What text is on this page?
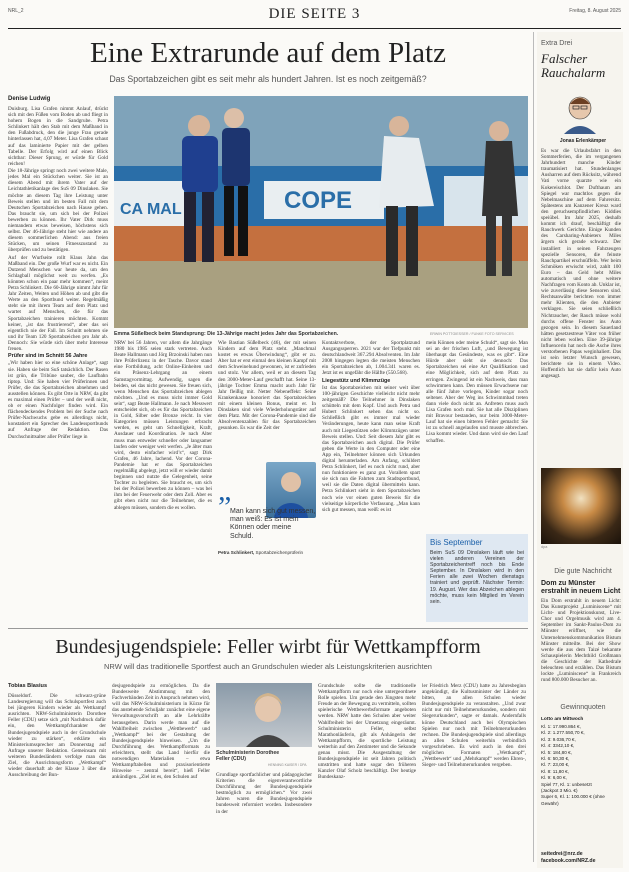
NRL_2	DIE SEITE 3	Freitag, 8. August 2025
Eine Extrarunde auf dem Platz
Das Sportabzeichen gibt es seit mehr als hundert Jahren. Ist es noch zeitgemäß?
Denise Ludwig

Duisburg. Lisa Grafen nimmt Anlauf, drückt sich mit den Füßen vom Boden ab und fliegt in hohem Bogen in die Sandgrube. Petra Schlinkert hält den Stab mit dem Maßband in den Fußabdruck, den die junge Frau gerade hinterlassen hat, 4,07 Meter. Lisa Grafen schaut auf das laminierte Papier mit der gelben Tabelle. Der Erfolg wird auf einen Blick sichtbar: Dieser Sprung, er würde für Gold reichen!

Die 18-Jährige springt noch zwei weitere Male, jedes Mal ein Stückchen weiter. Sie ist an diesem Abend mit ihrem Vater auf der Leichtathletikanlage des SuS 09 Dinslaken. Sie möchte an diesem Tag ihre Leistung unter Beweis stellen und im besten Fall mit dem Deutschen Sportabzeichen nach Hause gehen. Das braucht sie, um sich bei der Polizei bewerben zu können. Ihr Vater Dirk muss niemandem etwas beweisen, höchstens sich selbst. Der 46-Jährige steht hier wie andere an diesem sommerlichen Abend: aus freien Stücken, um seinen Fitnesszustand zu überprüfen und zu bestätigen.

Auf der Wurfseite rollt Klaus Jahn das Maßband ein. Der große Wurf war es nicht. Ein Dutzend Menschen war heute da, um den Schlagball möglichst weit zu werfen. „Es könnten schon ein paar mehr kommen“, meint Petra Schlinkert. Die 60-Jährige nimmt Jahr für Jahr Zeiten, Weiten und Höhen ab und gibt die Werte an den Sportbund weiter. Regelmäßig steht sie mit ihrem Team auf dem Platz und wartet auf Menschen, die für das Sportabzeichen trainieren möchten. Kommt keiner, „ist das frustrierend“, aber das sei eigentlich nie der Fall. Im Schnitt nehmen sie und ihr Team 120 Sportabzeichen pro Jahr ab. Dennoch: Sie würde sich über mehr Interesse freuen.

Prüfer sind im Schnitt 56 Jahre

„Wir haben hier so eine schöne Anlage“, sagt sie. Haben sie beim SuS tatsächlich. Der Rasen ist grün, die Tribüne sauber, die Laufbahn tiptop. Und: Sie haben vier Prüferinnen und Prüfer, die das Sportabzeichen abnehmen und ausstellen können. Es gibt Orte in NRW, da gibt es maximal einen Prüfer – und der weiß nicht, ob er einen Nachfolger finden wird. Ein flächendeckendes Problem bei der Suche nach Prüfer-Nachwuchs gebe es allerdings nicht, konstatiert ein Sprecher des Landessportbunds auf Anfrage der Redaktion. Das Durchschnittsalter aller Prüfer liege in

COPE
CA MAL
Emma Süßelbeck beim Standsprung: Die 13-Jährige macht jedes Jahr das Sportabzeichen.	ERWIN POTTGIESSER / FUNKE FOTO SERVICES
NRW bei 56 Jahren, vor allem die Jahrgänge 1980 bis 1985 seien stark vertreten. Auch Beate Hallmann und Jörg Brzoinski haben nun ihre Prüferlizenz in der Tasche. Davor stand eine Fortbildung, acht Online-Einheiten und ein Präsenz-Lehrgang an einem Samstagvormittag. Aufwendig, sagen die beiden, sei das nicht gewesen. Sie freuen sich, wenn Menschen das Sportabzeichen ablegen möchten. „Und es muss nicht immer Gold sein“, sagt Beate Hallmann. Je nach Messwert entscheidet sich, ob es für das Sportabzeichen in Gold, Silber oder Bronze reicht. In vier Kategorien müssen Leistungen erbracht werden, es geht um Schnelligkeit, Kraft, Ausdauer und Koordination. Je nach Alter muss man entweder schneller oder langsamer laufen oder weniger weit werfen. „Je älter man wird, desto einfacher wird’s“, sagt Dirk Grafen, 46 Jahre, lachend. Vor der Corona-Pandemie hat er das Sportabzeichen regelmäßig abgelegt, jetzt will er wieder damit beginnen und nutzte die Gelegenheit, seine Tochter zu begleiten. Sie braucht es, um sich bei der Polizei bewerben zu können – was bei ihm bei der Feuerwehr oder dem Zoll. Aber es gibt eben nicht nur die Teilnehmer, die es ablegen müssen, sondern die es wollen.
Wie Bastian Süßelbeck (46), der mit seinen Kindern auf dem Platz steht. „Manchmal kostet es etwas Überwindung“, gibt er zu. Aber hat er erst einmal den kleinen Kampf mit dem Schweinehund gewonnen, ist er zufrieden und stolz. Vor allem, weil er an diesem Tag den 3000-Meter-Lauf geschafft hat. Seine 13-jährige Tochter Emma macht auch Jahr für Jahr fleißig mit. Netter Nebeneffekt: Seine Krankenkasse honoriert das Sportabzeichen mit einem kleinen Bonus, meint er. In Dinslaken sind viele Wiederholungstäter auf dem Platz. Mit der Corona-Pandemie sind die Absolventenzahlen für das Sportabzeichen gesunken. Es war die Zeit der
„
Man kann sich gut messen, man weiß: Es ist mein Können oder meine Schuld.
Petra Schlinkert, Sportabzeichenprüferin

Kontaktverbote, der Sportplatzund Ausgangssperren. 2021 war der Tiefpunkt mit deutschlandweit 367.294 Absolventen. Im Jahr 2008 hingegen legten die meisten Menschen ein Sportabzeichen ab, 1.004.341 waren es. Jetzt ist es ungefähr die Hälfte (550.568).

Liegestütz und Klimmzüge

Ist das Sportabzeichen mit seiner weit über 100-jährigen Geschichte vielleicht nicht mehr zeitgemäß? Die Teilnehmer in Dinslaken schütteln mit dem Kopf. Und auch Petra und Hubert Schlinkert sehen das nicht so. Schließlich gibt es immer mal wieder Veränderungen, heute kann man seine Kraft auch mit Liegestützen oder Klimmzügen unter Beweis stellen. Und: Seit diesem Jahr gibt es das Sportabzeichen auch digital. Die Prüfer geben die Werte in den Computer oder eine App ein, Teilnehmer können sich Urkunden digital herunterladen. Am Anfang, schildert Petra Schlinkert, lief es noch nicht rund, aber nun funktioniere es ganz gut. Vorallem spart sie sich nun die Fahrten zum Stadtsportbund, weil sie die Daten digital übermitteln kann. Petra Schlinkert sieht in dem Sportabzeichen noch wie vor einen guten Beweis für die vielseitige körperliche Verfassung. „Man kann sich gut messen, man weiß: es ist

mein Können oder meine Schuld“, sagt sie. Man sei an der frischen Luft, „und Bewegung ist überhaupt das Gesündeste, was es gibt“. Eine Hürde aber sieht sie dennoch: Das Sportabzeichen sei eine Art Qualifikation und eine Möglichkeit, sich auf dem Platz zu erringen. Zwingend ist ein Nachweis, dass man schwimmen kann. Den müssen Erwachsene nur alle fünf Jahre vorlegen, Kinder sogar noch seltener. Aber der Weg ins Schwimmbad treten dann viele doch nicht an. Anfreten muss auch Lisa Grafen noch mal. Sie hat alle Disziplinen mit Bravour bestanden, nur beim 3000-Meter-Lauf hat sie einen bitteren Fehler gemacht: Sie ist zu schnell angelaufen und musste abbrechen. Lisa kommt wieder. Und dann wird sie den Lauf schaffen.
Bis September
Beim SuS 09 Dinslaken läuft wie bei vielen anderen Vereinen der Sportabzeichentreff noch bis Ende September. In Dinslaken wird in den Ferien alle zwei Wochen dienstags trainiert und geprüft. Nächster Termin: 19. August. Wer das Abzeichen ablegen möchte, muss kein Mitglied im Verein sein.
Extra Drei
Falscher Rauchalarm
Jonas Erlenkämper
Es war die Urlaubsfahrt in den Sommerferien, die im vergangenen Jahrhundert manche Kinder traumatisiert hat. Stundenlanges Ausharren auf dem Rücksitz, während Vati vorne quarzte wie ein Kokereischlot. Der Dufthaum am Spiegel war machtlos gegen die Nebelmaschine auf dem Fahrersitz. Spätestens am Kanzener Kreuz ward den geruchsempfindlichen Kiddies speiübel. Im Jahr 2025, deshalb kommt ich drauf, beschäftigt die Rauchwerk Gerichte. Einige Kunden des Carsharing-Anbieters Miles ärgern sich gerade schwarz. Der installiert in seinen Fahrzeugen spezielle Sensoren, die feinste Rauchpartikel erschnüffeln. Wer beim Schmöken erwischt wird, zahlt 100 Euro – das Geld hebt Miles automatisch und ohne weitere Nachfragen vom Konto ab. Unklar ist, wie zuverlässig diese Sensoren sind. Rechtsanwälte berichten von immer mehr Klienten, die den Anbieter verklagen. Sie seien schließlich Nichtraucher, der Rauch müsse wohl durchs offene Fenster ins Auto gezogen sein. In diesem Sauerland hätten gesetzestreue Väter von früher nicht leben wollen. Eine 39-jährige Influencerin hat noch die Asche ihres verstorbenen Papas weginhaliert. Das ist sein letzter Wunsch gewesen, berichtete sie in einem Video. Hoffentlich hat sie dafür kein Auto angesagt.
dpa
Die gute Nachricht
Dom zu Münster erstrahlt in neuem Licht
Ein Dom erstrahlt in neuem Licht: Das Kunstprojekt „Luminiscene“ mit Licht- und Projektionskunst, Live-Chor und Orgelmusik wird am 4. September im Sankt-Paulus-Dom zu Münster eröffnet, wie die Unternehmenskommunikation Bistum Münster mitteilte. Bei der Show werde die aus dem Taizé bekannte Schauspielerin Mechthild Großmann die Geschichte der Kathedrale beleuchten und erzählen. Das Bistum lockte „Luminiscene“ in Frankreich rund 800.000 Besucher an.
Gewinnquoten
Lotto am Mittwoch
Kl. 1: 17.990.864 €,
Kl. 2: 1.277.550,70 €,
Kl. 3: 9.036,70 €,
Kl. 4: 3342,10 €,
Kl. 5: 184,80 €,
Kl. 6: 50,30 €,
Kl. 7: 23,00 €,
Kl. 8: 11,80 €,
Kl. 9: 6,00 €,
Spiel 77, Kl. 1: unbesetzt
(Jackpot 3 Mio. €)
Super 6, Kl. 1: 100.000 € (ohne Gewähr)
seitedrei@nrz.de
facebook.com/NRZ.de
Bundesjugendspiele: Feller wirbt für Wettkampfform
NRW will das traditionelle Sportfest auch an Grundschulen wieder als Leistungskriterien ausrichten
Tobias Blasius
Düsseldorf. Die schwarz-grüne Landesregierung will das Schulsportfest auch bei jüngeren Kindern wieder als Wettkampf ausrichten. NRW-Schulministerin Dorothee Feller (CDU) setze sich „mit Nachdruck dafür ein, den Wettkampfcharakter der Bundesjugendspiele auch in der Grundschule wieder zu stärken“, erklärte ein Ministeriumssprecher am Donnerstag auf Anfrage unserer Redaktion. Gemeinsam mit weiteren Bundesländern verfolge man das Ziel, die Ausrichtungsform „Wettkampf“ wieder dauerhaft ab der Klasse 3 über die Ausschreibung der Bun-
desjugendspiele zu ermöglichen. Da die Bundesweite Abstimmung mit den Fachverbänden Zeit in Anspruch nehmen wird, will das NRW-Schulministerium in Kürze für das anstehende Schuljahr zunächst eine eigene Verwaltungsvorschrift an alle Lehrkräfte herausgeben. Darin werde man auf die Wahlfreiheit zwischen „Wettbewerb“ und „Wettkampf“ bei der Gestaltung der Bundesjugendspiele hinweisen. „Um die Durchführung des Wettkampfformats zu erleichtern, stellt das Land hierfür die notwendigen Materialien – etwa Wettkampftabellen und praxisorientierte Hinweise – zentral bereit“, hieß Feller ankündigen. „Ziel ist es, den Schulen auf
Schulministerin Dorothee Feller (CDU)
HENNING KAISER / DPA
Grundlage sportfachlicher und pädagogischer Kriterien die eigenverantwortliche Durchführung der Bundesjugendspiele bestmöglich zu ermöglichen.“ Vor zwei Jahren waren die Bundesjugendspiele bundesweit reformiert worden. Insbesondere in der
Grundschule sollte die traditionelle Wettkampfform nur noch eine untergeordnete Rolle spielen. Um gerade den Jüngsten mehr Freude an der Bewegung zu vermitteln, sollten spielerische Wettbewerbsformate angeboten werden. NRW hatte den Schulen aber weiter Wahlfreiheit bei der Umsetzung eingeräumt. Schulministerin Feller, selbst Marathonläuferin, gilt als Anhängerin der Wettkampfform, die sportliche Leistung weiterhin auf den Zentimeter und die Sekunde genau misst. Die Ausgestaltung der Bundesjugendspiele ist seit Jahren politisch umstritten und hatte sogar den früheren Kanzler Olaf Scholz beschäftigt. Der heutige Bundeskanz-
ler Friedrich Merz (CDU) hatte zu Jahresbeginn angekündigt, die Kultusminister der Länder zu bitten, an allen Schulen wieder Bundesjugendspiele zu veranstalten. „Und zwar nicht nur mit Teilnehmerurkunden, sondern mit Siegerurkunden“, sagte er damals. Andernfalls könne Deutschland auch bei Olympischen Spielen nur noch mit Teilnehmerurkunden rechnen. Die Bundesjugendspiele sind allerdings an allen Schulen weiterhin verbindlich vorgeschrieben. Es wird auch in den drei möglichen Formaten „Wettkampf“, „Wettbewerb“ und „Mehrkampf“ werden Ehren-, Sieger- und Teilnehmerurkunden vergeben.
